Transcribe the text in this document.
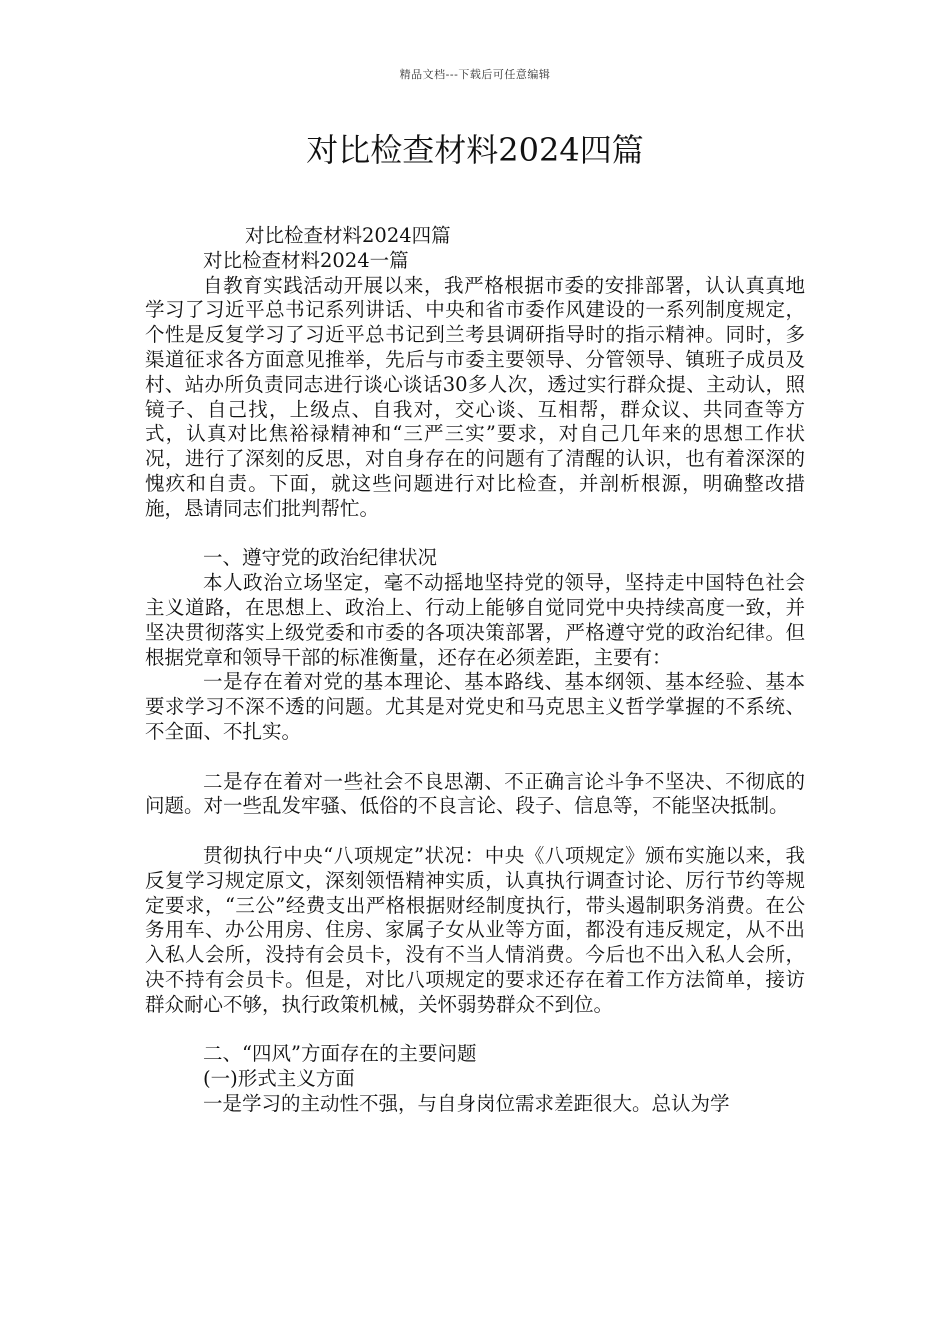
精品文档---下载后可任意编辑
对比检查材料2024四篇

对比检查材料2024四篇

对比检查材料2024一篇

自教育实践活动开展以来，我严格根据市委的安排部署，认认真真地学习了习近平总书记系列讲话、中央和省市委作风建设的一系列制度规定，个性是反复学习了习近平总书记到兰考县调研指导时的指示精神。同时，多渠道征求各方面意见推举，先后与市委主要领导、分管领导、镇班子成员及村、站办所负责同志进行谈心谈话30多人次，透过实行群众提、主动认，照镜子、自己找，上级点、自我对，交心谈、互相帮，群众议、共同查等方式，认真对比焦裕禄精神和“三严三实”要求，对自己几年来的思想工作状况，进行了深刻的反思，对自身存在的问题有了清醒的认识，也有着深深的愧疚和自责。下面，就这些问题进行对比检查，并剖析根源，明确整改措施，恳请同志们批判帮忙。

一、遵守党的政治纪律状况

本人政治立场坚定，毫不动摇地坚持党的领导，坚持走中国特色社会主义道路，在思想上、政治上、行动上能够自觉同党中央持续高度一致，并坚决贯彻落实上级党委和市委的各项决策部署，严格遵守党的政治纪律。但根据党章和领导干部的标准衡量，还存在必须差距，主要有：

一是存在着对党的基本理论、基本路线、基本纲领、基本经验、基本要求学习不深不透的问题。尤其是对党史和马克思主义哲学掌握的不系统、不全面、不扎实。

二是存在着对一些社会不良思潮、不正确言论斗争不坚决、不彻底的问题。对一些乱发牢骚、低俗的不良言论、段子、信息等，不能坚决抵制。

贯彻执行中央“八项规定”状况：中央《八项规定》颁布实施以来，我反复学习规定原文，深刻领悟精神实质，认真执行调查讨论、厉行节约等规定要求，“三公”经费支出严格根据财经制度执行，带头遏制职务消费。在公务用车、办公用房、住房、家属子女从业等方面，都没有违反规定，从不出入私人会所，没持有会员卡，没有不当人情消费。今后也不出入私人会所，决不持有会员卡。但是，对比八项规定的要求还存在着工作方法简单，接访群众耐心不够，执行政策机械，关怀弱势群众不到位。

二、“四风”方面存在的主要问题

(一)形式主义方面

一是学习的主动性不强，与自身岗位需求差距很大。总认为学
